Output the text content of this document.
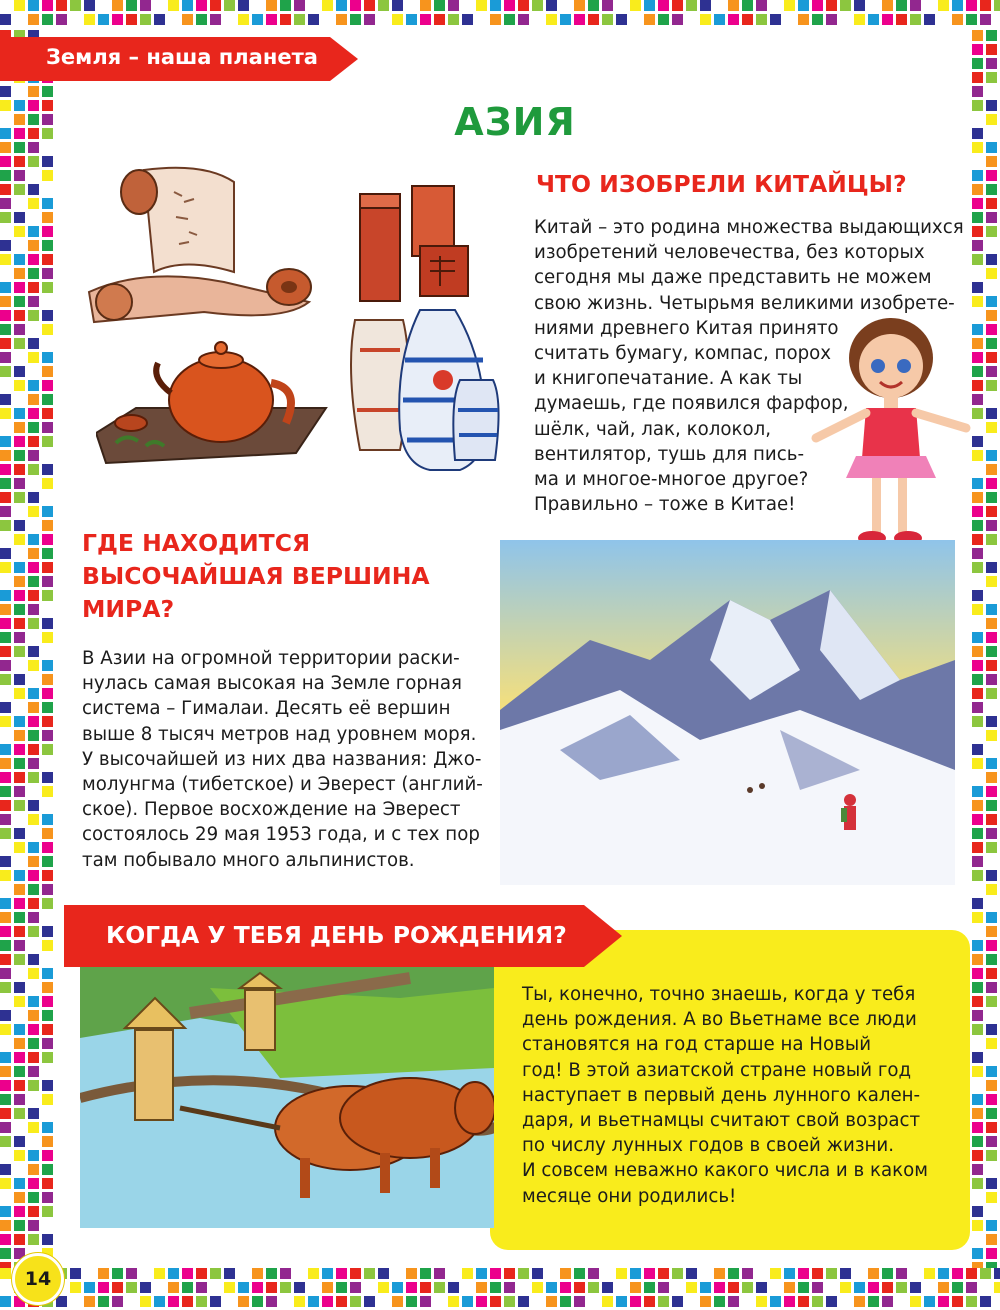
Земля – наша планета
АЗИЯ
ЧТО ИЗОБРЕЛИ КИТАЙЦЫ?
Китай – это родина множества выдающихся
изобретений человечества, без которых
сегодня мы даже представить не можем
свою жизнь. Четырьмя великими изобрете-
ниями древнего Китая принято
считать бумагу, компас, порох
и книгопечатание. А как ты
думаешь, где появился фарфор,
шёлк, чай, лак, колокол,
вентилятор, тушь для пись-
ма и многое-многое другое?
Правильно – тоже в Китае!
ГДЕ НАХОДИТСЯ
ВЫСОЧАЙШАЯ ВЕРШИНА
МИРА?
В Азии на огромной территории раски-
нулась самая высокая на Земле горная
система – Гималаи. Десять её вершин
выше 8 тысяч метров над уровнем моря.
У высочайшей из них два названия: Джо-
молунгма (тибетское) и Эверест (англий-
ское). Первое восхождение на Эверест
состоялось 29 мая 1953 года, и с тех пор
там побывало много альпинистов.
КОГДА У ТЕБЯ ДЕНЬ РОЖДЕНИЯ?
Ты, конечно, точно знаешь, когда у тебя
день рождения. А во Вьетнаме все люди
становятся на год старше на Новый
год! В этой азиатской стране новый год
наступает в первый день лунного кален-
даря, и вьетнамцы считают свой возраст
по числу лунных годов в своей жизни.
И совсем неважно какого числа и в каком
месяце они родились!
14
